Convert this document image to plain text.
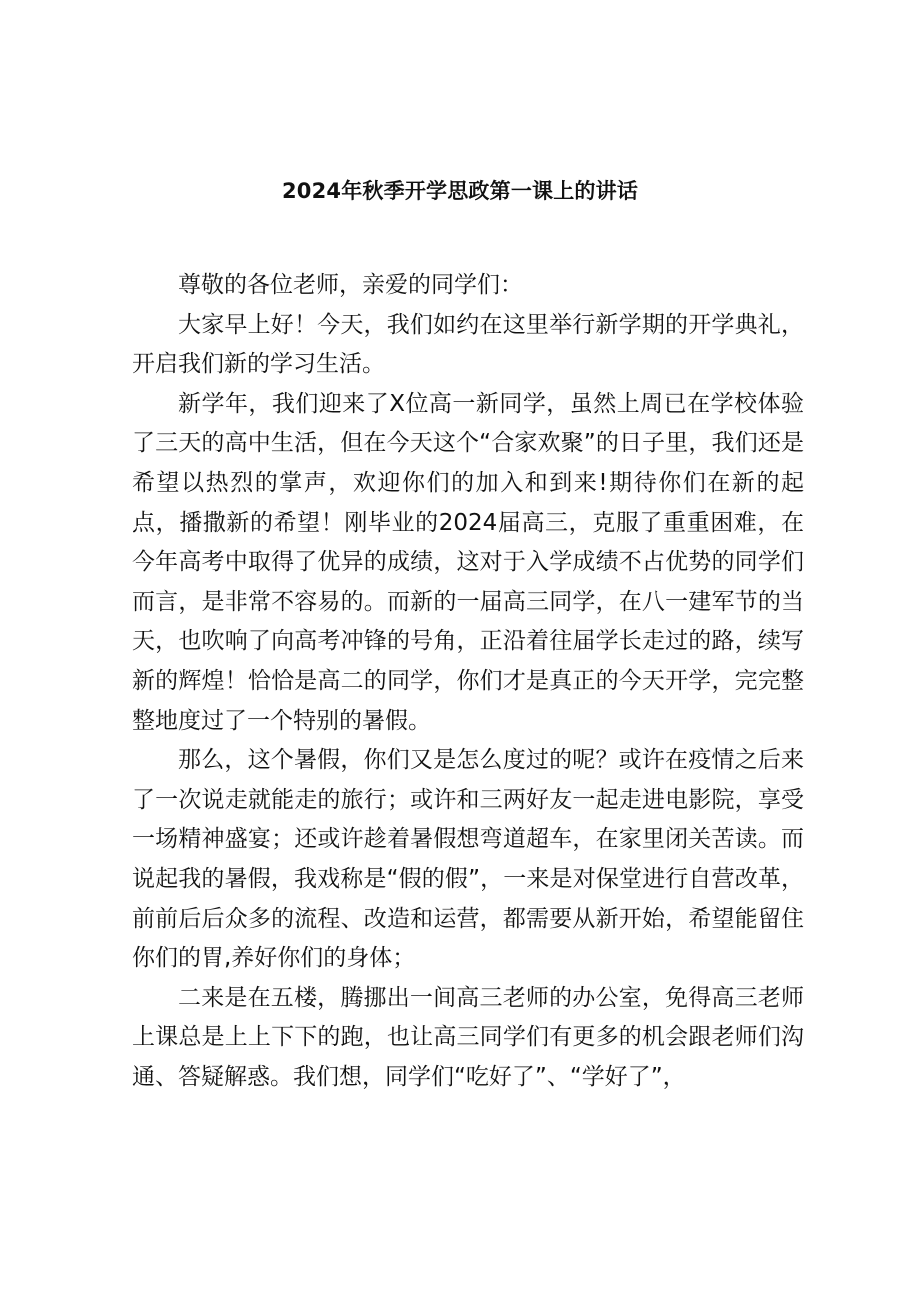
2024年秋季开学思政第一课上的讲话

尊敬的各位老师，亲爱的同学们：

大家早上好！今天，我们如约在这里举行新学期的开学典礼，开启我们新的学习生活。

新学年，我们迎来了X位高一新同学，虽然上周已在学校体验了三天的高中生活，但在今天这个“合家欢聚”的日子里，我们还是希望以热烈的掌声，欢迎你们的加入和到来!期待你们在新的起点，播撒新的希望！刚毕业的2024届高三，克服了重重困难，在今年高考中取得了优异的成绩，这对于入学成绩不占优势的同学们而言，是非常不容易的。而新的一届高三同学，在八一建军节的当天，也吹响了向高考冲锋的号角，正沿着往届学长走过的路，续写新的辉煌！恰恰是高二的同学，你们才是真正的今天开学，完完整整地度过了一个特别的暑假。

那么，这个暑假，你们又是怎么度过的呢？或许在疫情之后来了一次说走就能走的旅行；或许和三两好友一起走进电影院，享受一场精神盛宴；还或许趁着暑假想弯道超车，在家里闭关苦读。而说起我的暑假，我戏称是“假的假”，一来是对保堂进行自营改革，前前后后众多的流程、改造和运营，都需要从新开始，希望能留住你们的胃,养好你们的身体；

二来是在五楼，腾挪出一间高三老师的办公室，免得高三老师上课总是上上下下的跑，也让高三同学们有更多的机会跟老师们沟通、答疑解惑。我们想，同学们“吃好了”、“学好了”，
